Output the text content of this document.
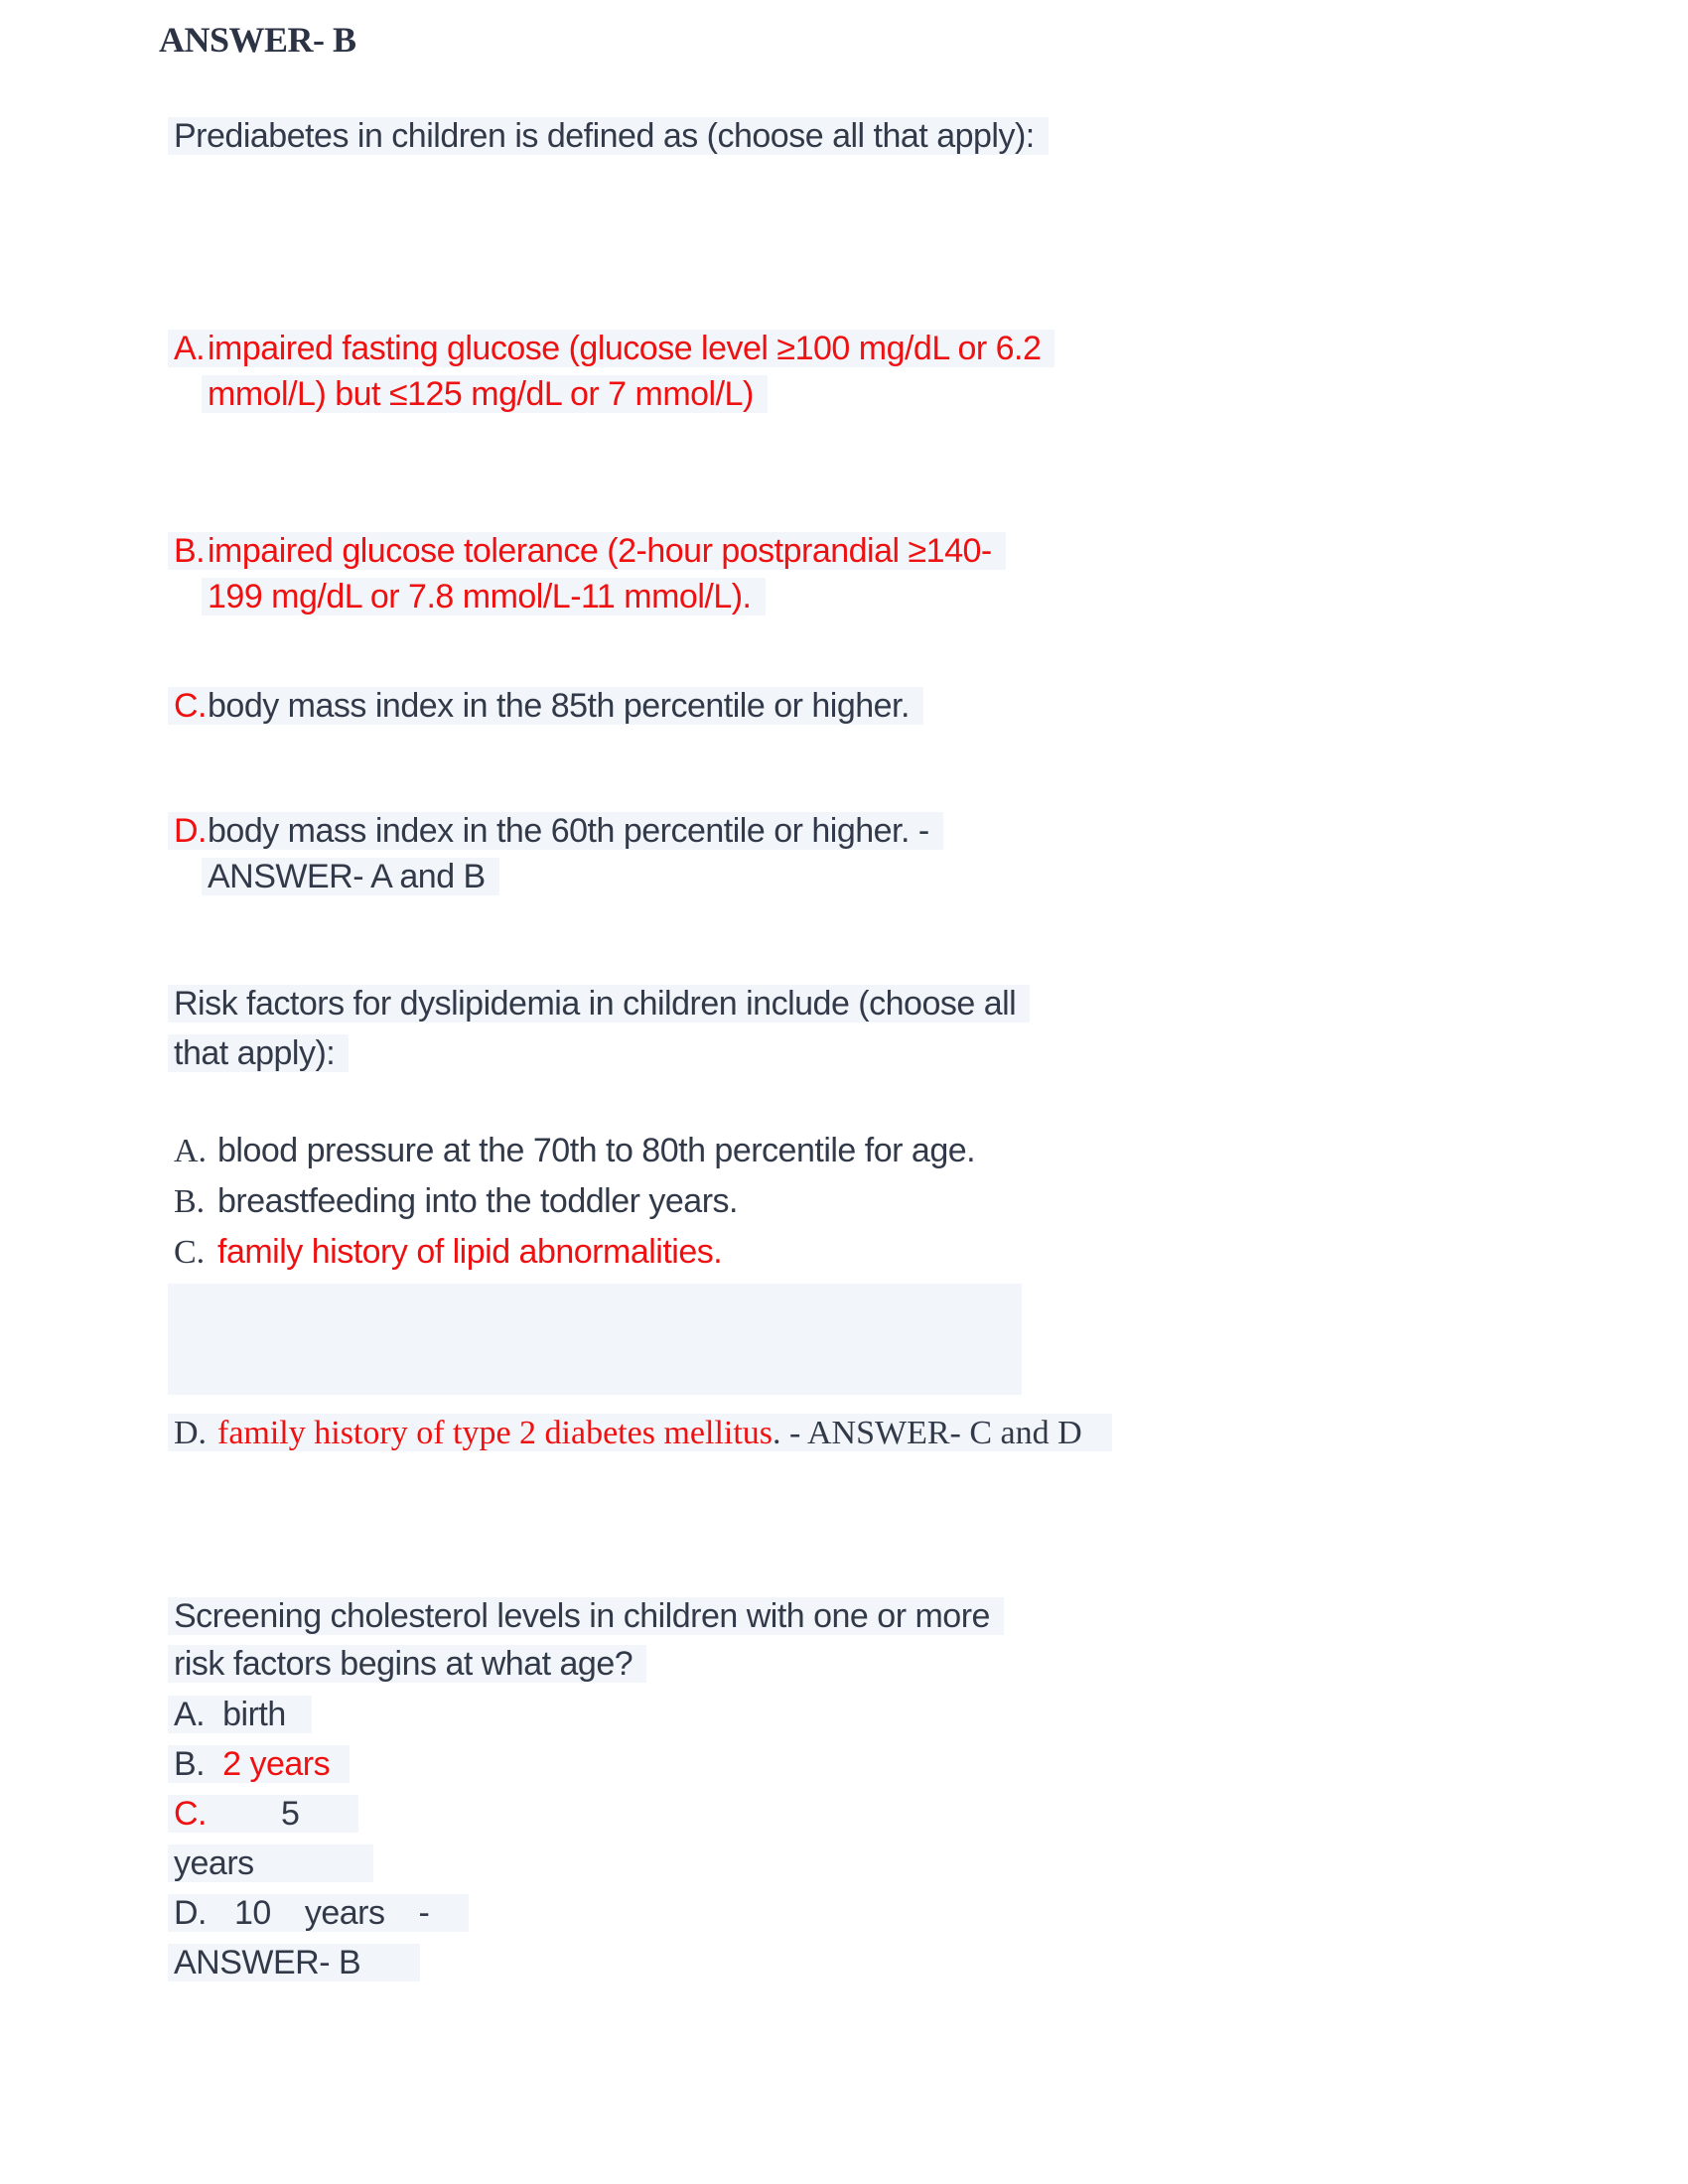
ANSWER- B
Prediabetes in children is defined as (choose all that apply):
A.impaired fasting glucose (glucose level ≥100 mg/dL or 6.2
mmol/L) but ≤125 mg/dL or 7 mmol/L)
B.impaired glucose tolerance (2-hour postprandial ≥140-
199 mg/dL or 7.8 mmol/L-11 mmol/L).
C.body mass index in the 85th percentile or higher.
D.body mass index in the 60th percentile or higher. -
ANSWER- A and B
Risk factors for dyslipidemia in children include (choose all
that apply):
A. blood pressure at the 70th to 80th percentile for age.
B. breastfeeding into the toddler years.
C. family history of lipid abnormalities.
D. family history of type 2 diabetes mellitus. - ANSWER- C and D
Screening cholesterol levels in children with one or more
risk factors begins at what age?
A. birth
B. 2 years
C. 5
years
D. 10 years -
ANSWER- B
